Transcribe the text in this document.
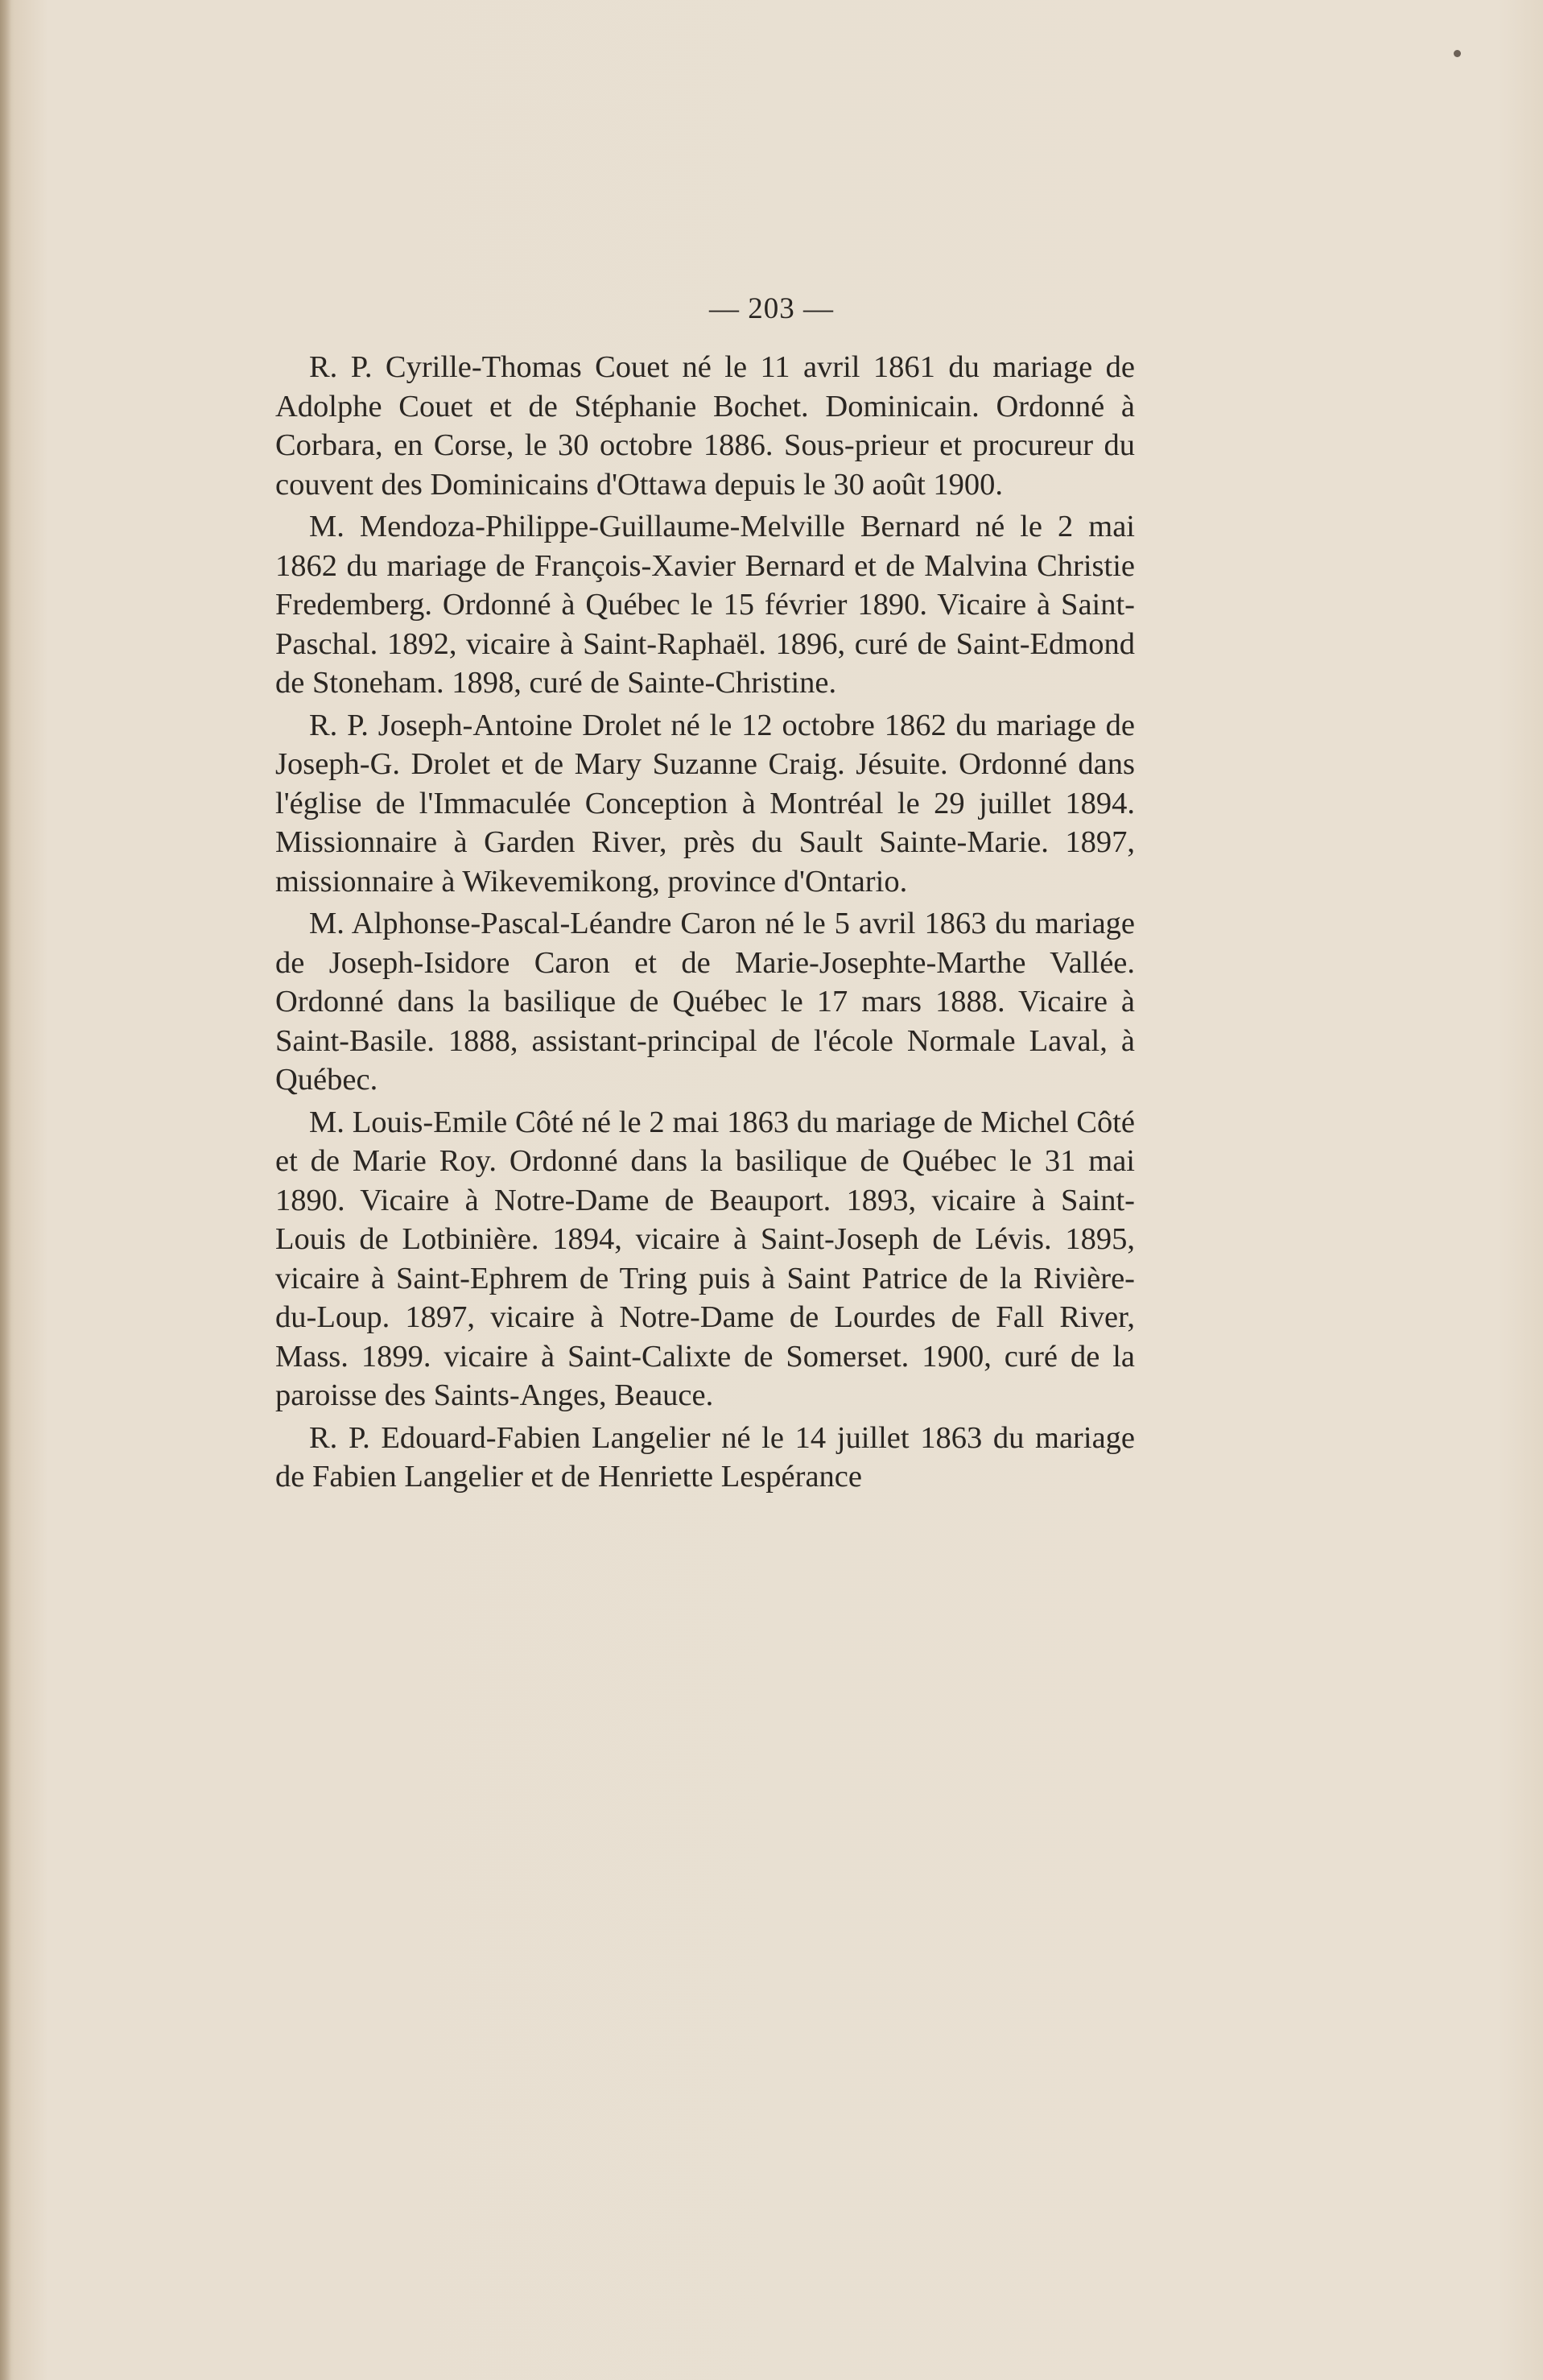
— 203 —

R. P. Cyrille-Thomas Couet né le 11 avril 1861 du mariage de Adolphe Couet et de Stéphanie Bochet. Dominicain. Ordonné à Corbara, en Corse, le 30 octobre 1886. Sous-prieur et procureur du couvent des Dominicains d'Ottawa depuis le 30 août 1900.

M. Mendoza-Philippe-Guillaume-Melville Bernard né le 2 mai 1862 du mariage de François-Xavier Bernard et de Malvina Christie Fredemberg. Ordonné à Québec le 15 février 1890. Vicaire à Saint-Paschal. 1892, vicaire à Saint-Raphaël. 1896, curé de Saint-Edmond de Stoneham. 1898, curé de Sainte-Christine.

R. P. Joseph-Antoine Drolet né le 12 octobre 1862 du mariage de Joseph-G. Drolet et de Mary Suzanne Craig. Jésuite. Ordonné dans l'église de l'Immaculée Conception à Montréal le 29 juillet 1894. Missionnaire à Garden River, près du Sault Sainte-Marie. 1897, missionnaire à Wikevemikong, province d'Ontario.

M. Alphonse-Pascal-Léandre Caron né le 5 avril 1863 du mariage de Joseph-Isidore Caron et de Marie-Josephte-Marthe Vallée. Ordonné dans la basilique de Québec le 17 mars 1888. Vicaire à Saint-Basile. 1888, assistant-principal de l'école Normale Laval, à Québec.

M. Louis-Emile Côté né le 2 mai 1863 du mariage de Michel Côté et de Marie Roy. Ordonné dans la basilique de Québec le 31 mai 1890. Vicaire à Notre-Dame de Beauport. 1893, vicaire à Saint-Louis de Lotbinière. 1894, vicaire à Saint-Joseph de Lévis. 1895, vicaire à Saint-Ephrem de Tring puis à Saint Patrice de la Rivière-du-Loup. 1897, vicaire à Notre-Dame de Lourdes de Fall River, Mass. 1899. vicaire à Saint-Calixte de Somerset. 1900, curé de la paroisse des Saints-Anges, Beauce.

R. P. Edouard-Fabien Langelier né le 14 juillet 1863 du mariage de Fabien Langelier et de Henriette Lespérance
